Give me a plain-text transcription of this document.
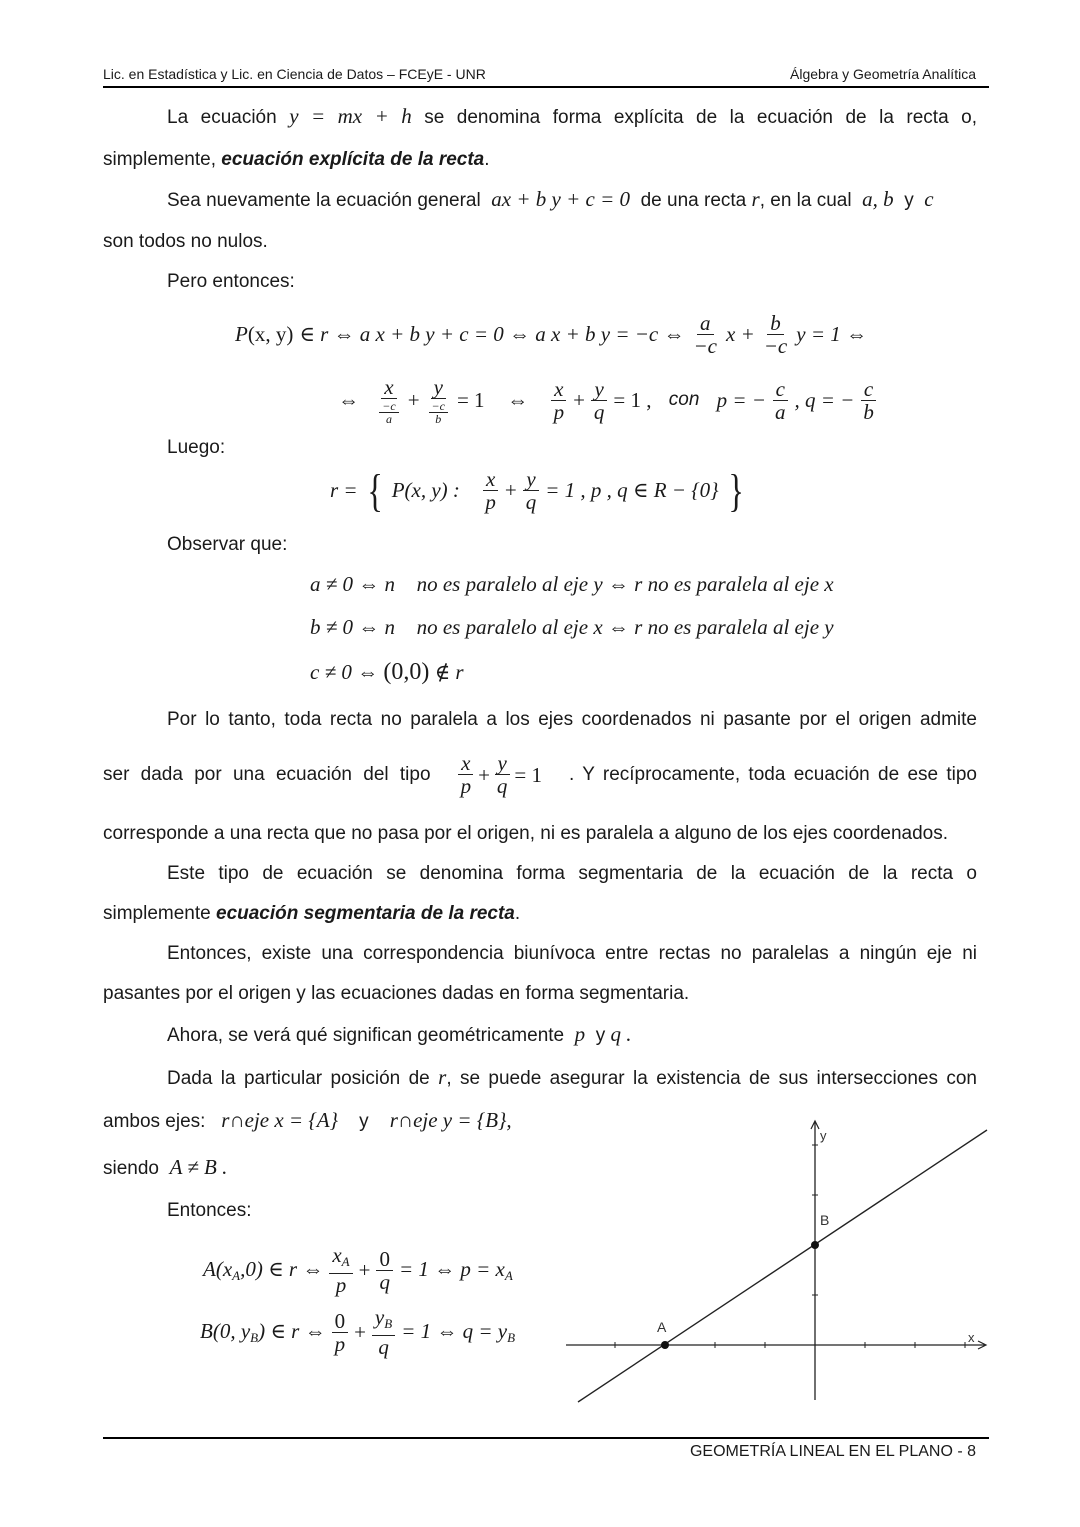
Lic. en Estadística y Lic. en Ciencia de Datos – FCEyE - UNR	Álgebra y Geometría Analítica
La ecuación y = mx + h se denomina forma explícita de la ecuación de la recta o,
simplemente, ecuación explícita de la recta.
Sea nuevamente la ecuación general ax + b y + c = 0 de una recta r, en la cual a, b y c
son todos no nulos.
Pero entonces:
P(x, y) ∈ r ⇔ a x + b y + c = 0 ⇔ a x + b y = −c ⇔ $\frac{a}{-c}$ $x + \frac{b}{-c}$ y = 1 ⇔
⇔
$\frac{x}{\frac{-c}{a}} + \frac{y}{\frac{-c}{b}} = 1$
⇔
$\frac{x}{p} + \frac{y}{q} = 1$ ,
con
p = − $\frac{c}{a}$ , q = − $\frac{c}{b}$
Luego:
r = { P(x, y) :
$\frac{x}{p} + \frac{y}{q} = 1$ , p , q ∈ R − {0} }
Observar que:
a ≠ 0 ⇔ n⃗ no es paralelo al eje y ⇔ r no es paralela al eje x
b ≠ 0 ⇔ n⃗ no es paralelo al eje x ⇔ r no es paralela al eje y
c ≠ 0 ⇔ (0,0) ∉ r
Por lo tanto, toda recta no paralela a los ejes coordenados ni pasante por el origen admite
ser dada por una ecuación del tipo $\frac{x}{p} + \frac{y}{q} = 1$ . Y recíprocamente, toda ecuación de ese tipo
corresponde a una recta que no pasa por el origen, ni es paralela a alguno de los ejes coordenados.
Este tipo de ecuación se denomina forma segmentaria de la ecuación de la recta o
simplemente ecuación segmentaria de la recta.
Entonces, existe una correspondencia biunívoca entre rectas no paralelas a ningún eje ni
pasantes por el origen y las ecuaciones dadas en forma segmentaria.
Ahora, se verá qué significan geométricamente p y q .
Dada la particular posición de r, se puede asegurar la existencia de sus intersecciones con
ambos ejes: r∩eje x = {A} y r∩eje y = {B},
siendo A ≠ B .
Entonces:
$A(x_A,0)$ ∈ r ⇔ $\frac{x_A}{p} + \frac{0}{q} = 1$ ⇔ $p = x_A$
B(0, $y_B$) ∈ r ⇔ $\frac{0}{p} + \frac{y_B}{q} = 1$ ⇔ $q = y_B$
y
x
A
B
GEOMETRÍA LINEAL EN EL PLANO - 8
